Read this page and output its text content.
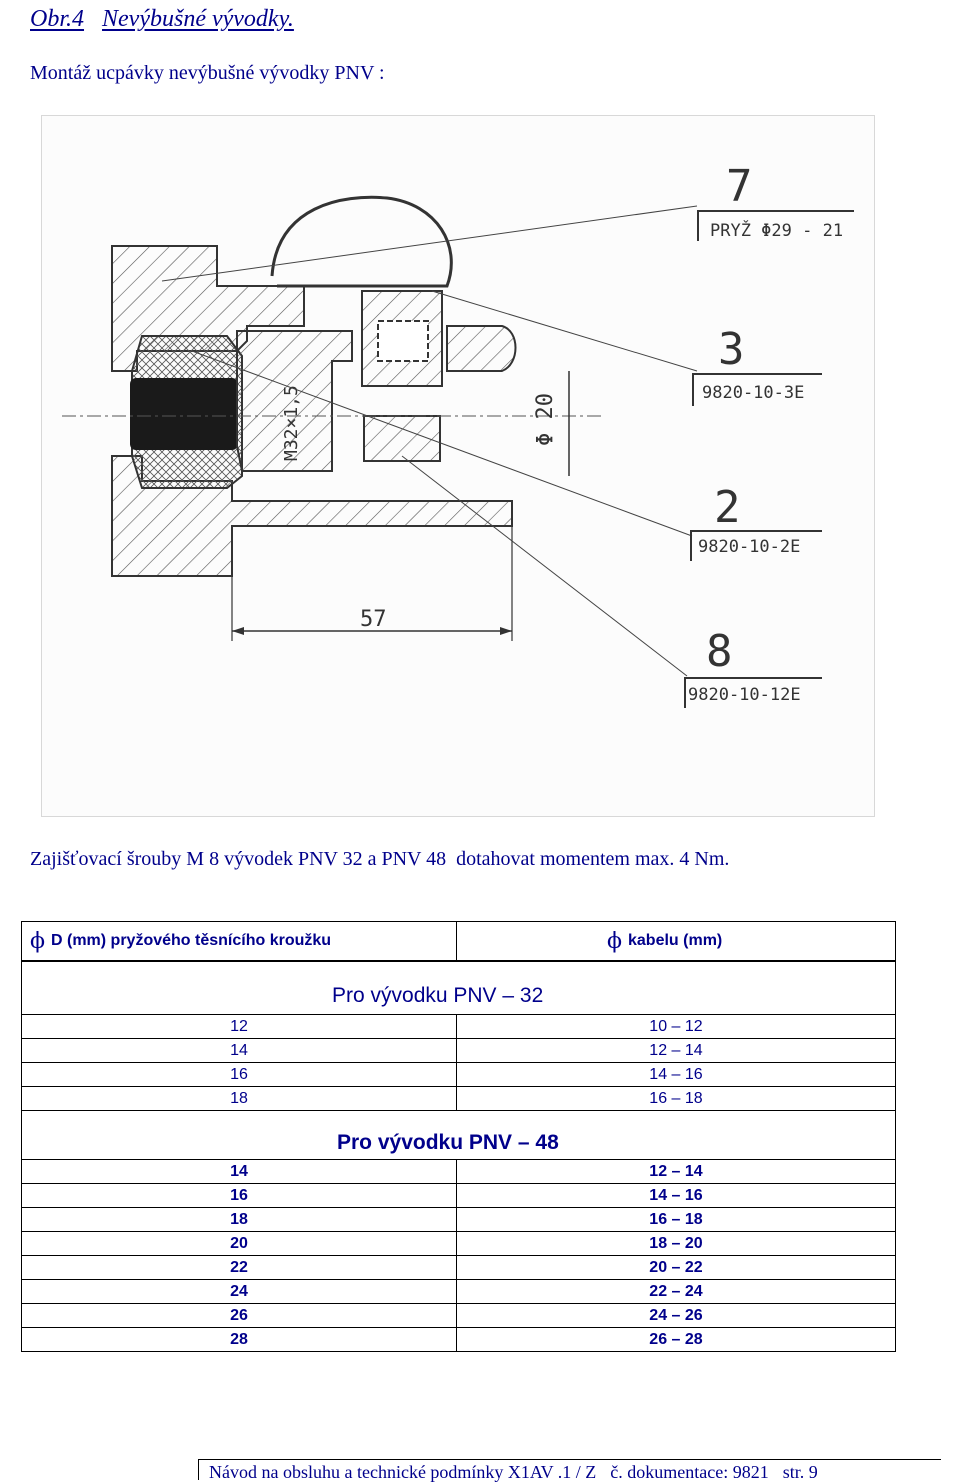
Obr.4 Nevýbušné vývodky.
Montáž ucpávky nevýbušné vývodky PNV :
57
Φ 20
M32×1,5
7
PRYŽ Φ29 - 21
3
9820-10-3E
2
9820-10-2E
8
9820-10-12E
Zajišťovací šrouby M 8 vývodek PNV 32 a PNV 48 dotahovat momentem max. 4 Nm.
ϕ D (mm) pryžového těsnícího kroužku	ϕ kabelu (mm)
Pro vývodku PNV – 32
12	10 – 12
14	12 – 14
16	14 – 16
18	16 – 18
Pro vývodku PNV – 48
14	12 – 14
16	14 – 16
18	16 – 18
20	18 – 20
22	20 – 22
24	22 – 24
26	24 – 26
28	26 – 28
Návod na obsluhu a technické podmínky X1AV .1 / Z č. dokumentace: 9821 str. 9
